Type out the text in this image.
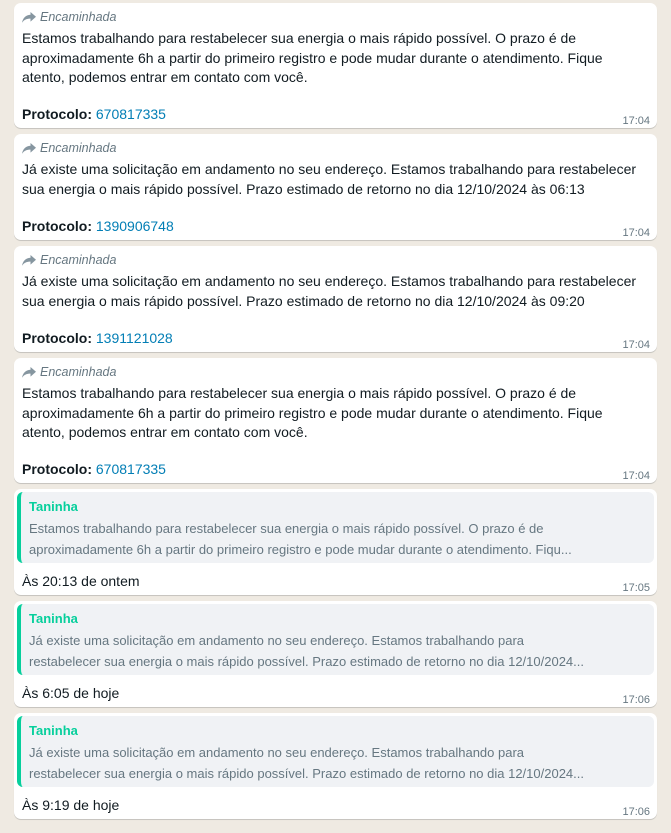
Encaminhada
Estamos trabalhando para restabelecer sua energia o mais rápido possível. O prazo é de
aproximadamente 6h a partir do primeiro registro e pode mudar durante o atendimento. Fique
atento, podemos entrar em contato com você.
Protocolo: 670817335	17:04
Encaminhada
Já existe uma solicitação em andamento no seu endereço. Estamos trabalhando para restabelecer
sua energia o mais rápido possível. Prazo estimado de retorno no dia 12/10/2024 às 06:13
Protocolo: 1390906748	17:04
Encaminhada
Já existe uma solicitação em andamento no seu endereço. Estamos trabalhando para restabelecer
sua energia o mais rápido possível. Prazo estimado de retorno no dia 12/10/2024 às 09:20
Protocolo: 1391121028	17:04
Encaminhada
Estamos trabalhando para restabelecer sua energia o mais rápido possível. O prazo é de
aproximadamente 6h a partir do primeiro registro e pode mudar durante o atendimento. Fique
atento, podemos entrar em contato com você.
Protocolo: 670817335	17:04
Taninha
Estamos trabalhando para restabelecer sua energia o mais rápido possível. O prazo é de
aproximadamente 6h a partir do primeiro registro e pode mudar durante o atendimento. Fiqu...
Às 20:13 de ontem	17:05
Taninha
Já existe uma solicitação em andamento no seu endereço. Estamos trabalhando para
restabelecer sua energia o mais rápido possível. Prazo estimado de retorno no dia 12/10/2024...
Às 6:05 de hoje	17:06
Taninha
Já existe uma solicitação em andamento no seu endereço. Estamos trabalhando para
restabelecer sua energia o mais rápido possível. Prazo estimado de retorno no dia 12/10/2024...
Às 9:19 de hoje	17:06
